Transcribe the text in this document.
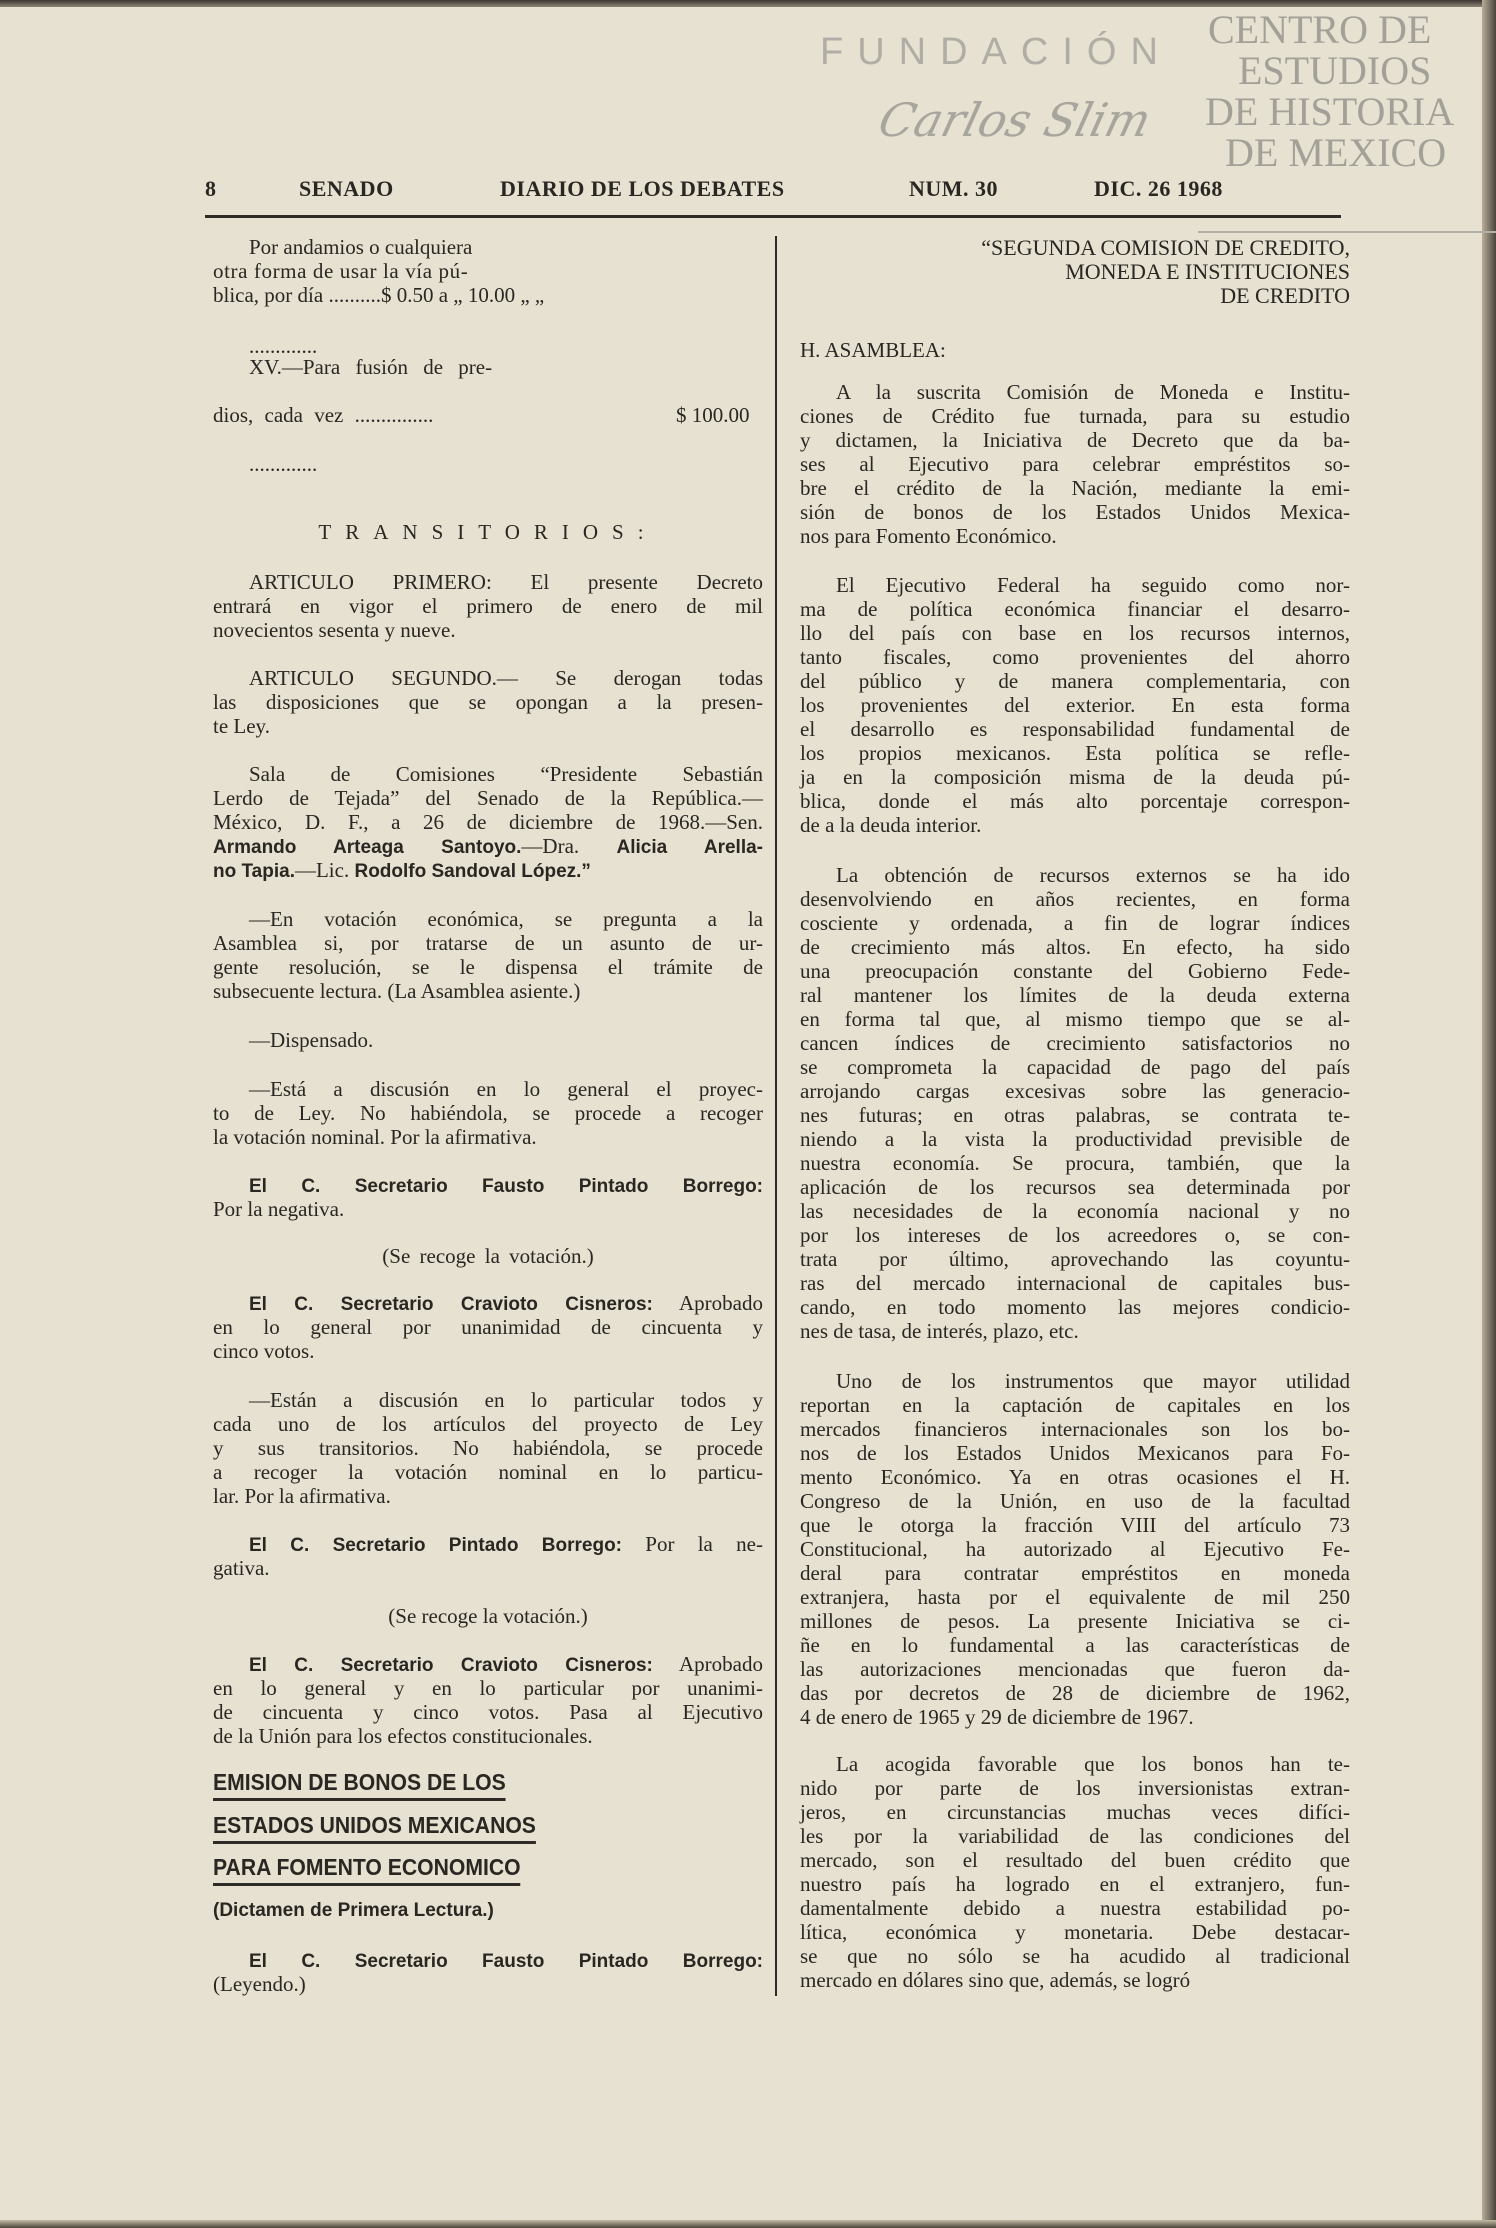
CENTRO DE
ESTUDIOS
DE HISTORIA
DE MEXICO
FUNDACIÓN
Carlos Slim
8	SENADO	DIARIO DE LOS DEBATES	NUM. 30	DIC. 26 1968
Por andamios o cualquiera
otra forma de usar la vía pú-
blica, por día ..........$ 0.50 a „ 10.00 „ „
.............
XV.—Para fusión de pre-
dios, cada vez ...............	$ 100.00
.............
TRANSITORIOS:
ARTICULO PRIMERO: El presente Decreto
entrará en vigor el primero de enero de mil
novecientos sesenta y nueve.
ARTICULO SEGUNDO.— Se derogan todas
las disposiciones que se opongan a la presen-
te Ley.
Sala de Comisiones “Presidente Sebastián
Lerdo de Tejada” del Senado de la República.—
México, D. F., a 26 de diciembre de 1968.—Sen.
Armando Arteaga Santoyo.—Dra. Alicia Arella-
no Tapia.—Lic. Rodolfo Sandoval López.”
—En votación económica, se pregunta a la
Asamblea si, por tratarse de un asunto de ur-
gente resolución, se le dispensa el trámite de
subsecuente lectura. (La Asamblea asiente.)
—Dispensado.
—Está a discusión en lo general el proyec-
to de Ley. No habiéndola, se procede a recoger
la votación nominal. Por la afirmativa.
El C. Secretario Fausto Pintado Borrego:
Por la negativa.
(Se recoge la votación.)
El C. Secretario Cravioto Cisneros: Aprobado
en lo general por unanimidad de cincuenta y
cinco votos.
—Están a discusión en lo particular todos y
cada uno de los artículos del proyecto de Ley
y sus transitorios. No habiéndola, se procede
a recoger la votación nominal en lo particu-
lar. Por la afirmativa.
El C. Secretario Pintado Borrego: Por la ne-
gativa.
(Se recoge la votación.)
El C. Secretario Cravioto Cisneros: Aprobado
en lo general y en lo particular por unanimi-
de cincuenta y cinco votos. Pasa al Ejecutivo
de la Unión para los efectos constitucionales.
EMISION DE BONOS DE LOS
ESTADOS UNIDOS MEXICANOS
PARA FOMENTO ECONOMICO
(Dictamen de Primera Lectura.)
El C. Secretario Fausto Pintado Borrego:
(Leyendo.)
“SEGUNDA COMISION DE CREDITO,
MONEDA E INSTITUCIONES
DE CREDITO
H. ASAMBLEA:
A la suscrita Comisión de Moneda e Institu-
ciones de Crédito fue turnada, para su estudio
y dictamen, la Iniciativa de Decreto que da ba-
ses al Ejecutivo para celebrar empréstitos so-
bre el crédito de la Nación, mediante la emi-
sión de bonos de los Estados Unidos Mexica-
nos para Fomento Económico.
El Ejecutivo Federal ha seguido como nor-
ma de política económica financiar el desarro-
llo del país con base en los recursos internos,
tanto fiscales, como provenientes del ahorro
del público y de manera complementaria, con
los provenientes del exterior. En esta forma
el desarrollo es responsabilidad fundamental de
los propios mexicanos. Esta política se refle-
ja en la composición misma de la deuda pú-
blica, donde el más alto porcentaje correspon-
de a la deuda interior.
La obtención de recursos externos se ha ido
desenvolviendo en años recientes, en forma
cosciente y ordenada, a fin de lograr índices
de crecimiento más altos. En efecto, ha sido
una preocupación constante del Gobierno Fede-
ral mantener los límites de la deuda externa
en forma tal que, al mismo tiempo que se al-
cancen índices de crecimiento satisfactorios no
se comprometa la capacidad de pago del país
arrojando cargas excesivas sobre las generacio-
nes futuras; en otras palabras, se contrata te-
niendo a la vista la productividad previsible de
nuestra economía. Se procura, también, que la
aplicación de los recursos sea determinada por
las necesidades de la economía nacional y no
por los intereses de los acreedores o, se con-
trata por último, aprovechando las coyuntu-
ras del mercado internacional de capitales bus-
cando, en todo momento las mejores condicio-
nes de tasa, de interés, plazo, etc.
Uno de los instrumentos que mayor utilidad
reportan en la captación de capitales en los
mercados financieros internacionales son los bo-
nos de los Estados Unidos Mexicanos para Fo-
mento Económico. Ya en otras ocasiones el H.
Congreso de la Unión, en uso de la facultad
que le otorga la fracción VIII del artículo 73
Constitucional, ha autorizado al Ejecutivo Fe-
deral para contratar empréstitos en moneda
extranjera, hasta por el equivalente de mil 250
millones de pesos. La presente Iniciativa se ci-
ñe en lo fundamental a las características de
las autorizaciones mencionadas que fueron da-
das por decretos de 28 de diciembre de 1962,
4 de enero de 1965 y 29 de diciembre de 1967.
La acogida favorable que los bonos han te-
nido por parte de los inversionistas extran-
jeros, en circunstancias muchas veces difíci-
les por la variabilidad de las condiciones del
mercado, son el resultado del buen crédito que
nuestro país ha logrado en el extranjero, fun-
damentalmente debido a nuestra estabilidad po-
lítica, económica y monetaria. Debe destacar-
se que no sólo se ha acudido al tradicional
mercado en dólares sino que, además, se logró
